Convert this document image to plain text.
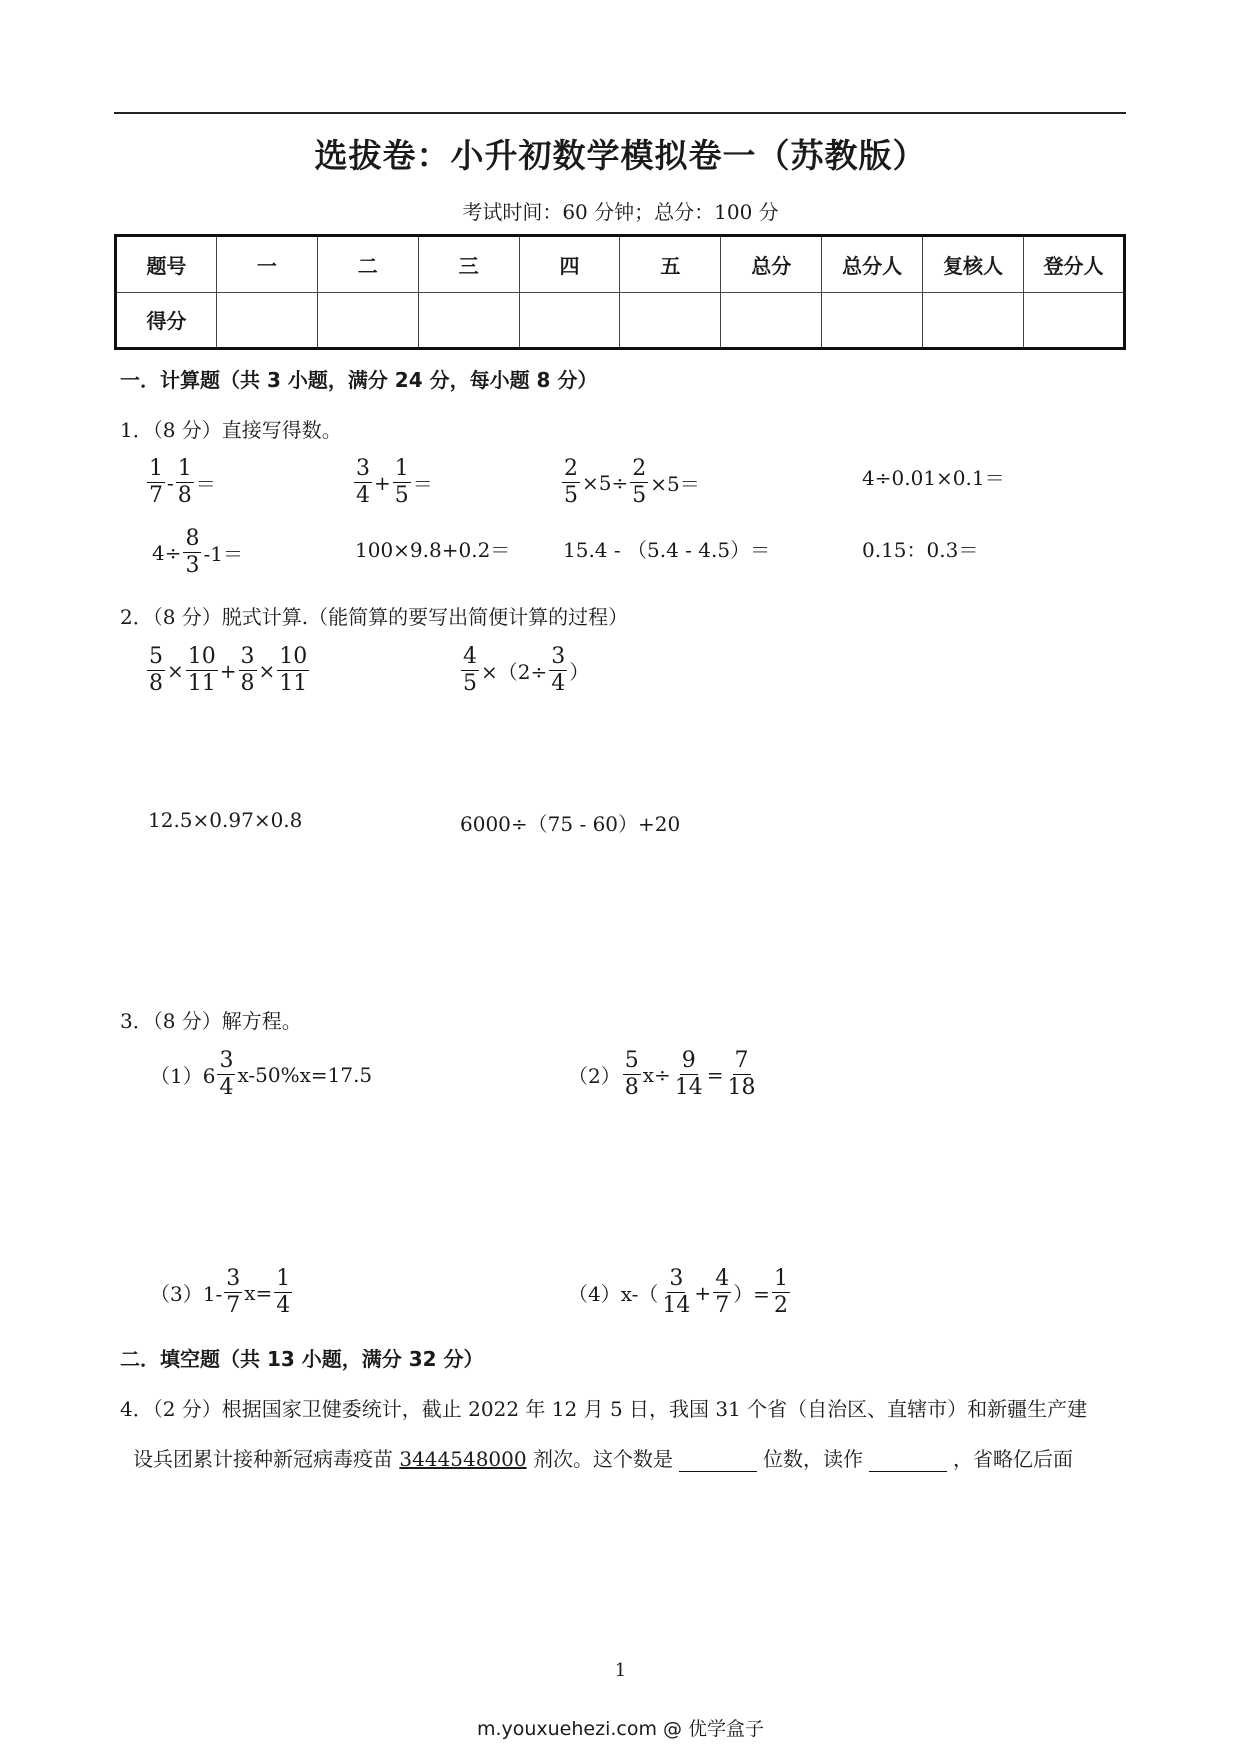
选拔卷：小升初数学模拟卷一（苏教版）
考试时间：60 分钟；总分：100 分
题号	一	二	三	四	五	总分	总分人	复核人	登分人
得分									
一．计算题（共 3 小题，满分 24 分，每小题 8 分）
1．（8 分）直接写得数。
$\frac{1}{7} - \frac{1}{8}$ ＝	$\frac{3}{4} + \frac{1}{5}$ ＝	$\frac{2}{5} \times 5\div \frac{2}{5} \times 5=$	4÷0.01×0.1＝
$4\div \frac{8}{3} -1=$	100×9.8+0.2＝	15.4 - （5.4 - 4.5）＝	0.15：0.3＝
2．（8 分）脱式计算.（能简算的要写出简便计算的过程）
$\frac{5}{8} \times \frac{10}{11} + \frac{3}{8} \times \frac{10}{11}$	$\frac{4}{5} \times(2\div \frac{3}{4}$ ）
12.5×0.97×0.8	6000÷（75 - 60）+20
3．（8 分）解方程。
$(1)6 \frac{3}{4} x-50\%x=17.5$	$(2) \frac{5}{8} x\div \frac{9}{14} = \frac{7}{18}$
$(3)1- \frac{3}{7} x= \frac{1}{4}$	$(4)x-( \frac{3}{14} + \frac{4}{7}$ ）= $\frac{1}{2}$
二．填空题（共 13 小题，满分 32 分）
4．（2 分）根据国家卫健委统计，截止 2022 年 12 月 5 日，我国 31 个省（自治区、直辖市）和新疆生产建
设兵团累计接种新冠病毒疫苗 3444548000 剂次。这个数是	位数，读作	，省略亿后面
1
m.youxuehezi.com @ 优学盒子
